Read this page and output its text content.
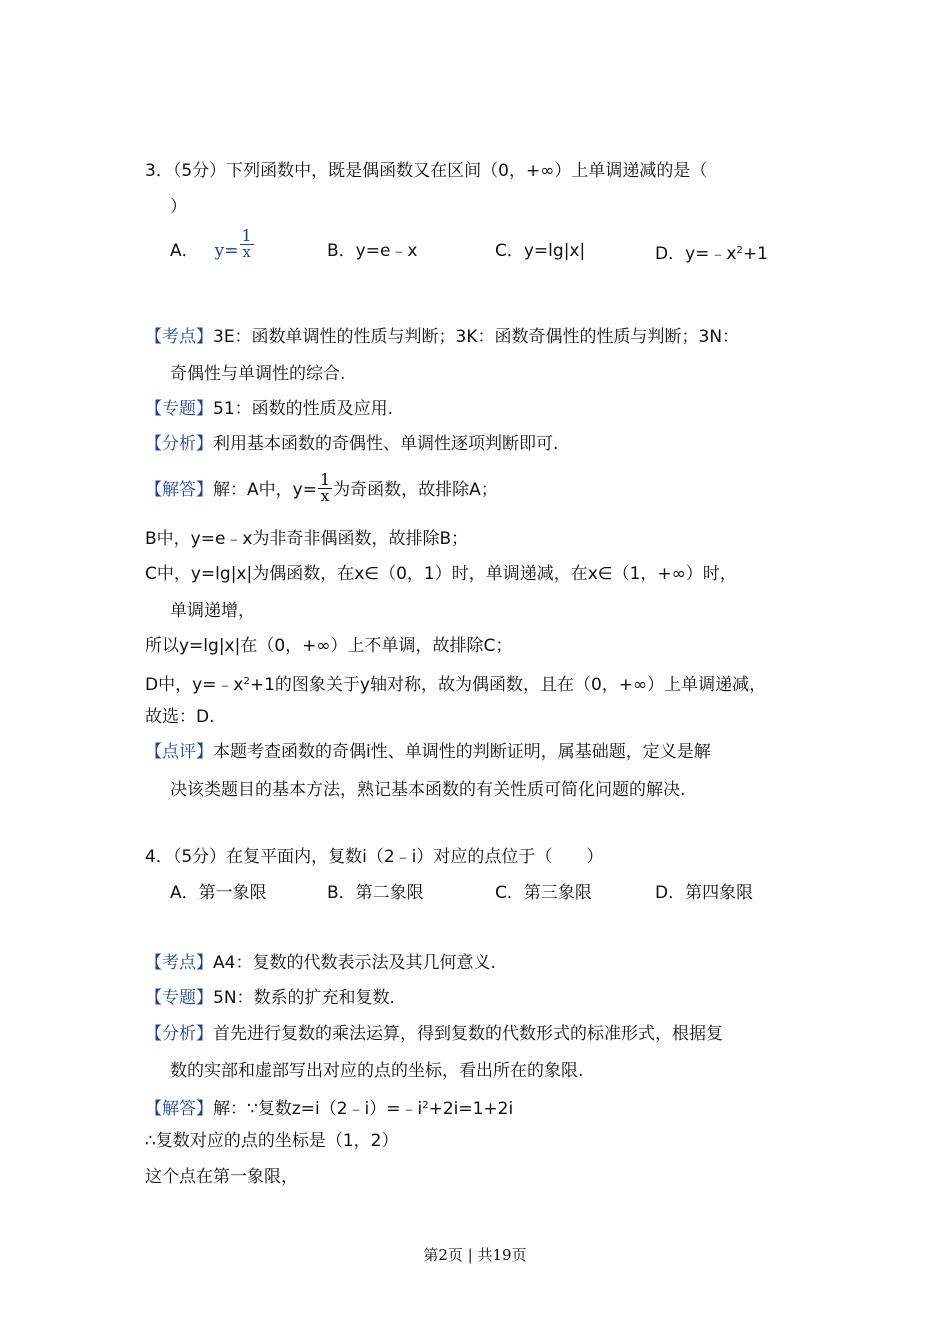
3．（5分）下列函数中，既是偶函数又在区间（0，+∞）上单调递减的是（
）
A． $y= \frac{1}{x}$	B．y=e﹣x	C．y=lg|x|	D．$y=﹣x^2+1$
【考点】3E：函数单调性的性质与判断；3K：函数奇偶性的性质与判断；3N：
奇偶性与单调性的综合.
【专题】51：函数的性质及应用.
【分析】利用基本函数的奇偶性、单调性逐项判断即可.
【解答】解：A中，$y= \frac{1}{x}$ 为奇函数，故排除A；
B中，y=e﹣x为非奇非偶函数，故排除B；
C中，y=lg|x|为偶函数，在x∈（0，1）时，单调递减，在x∈（1，+∞）时，
单调递增，
所以y=lg|x|在（0，+∞）上不单调，故排除C；
D中，$y=﹣x^2+1$的图象关于y轴对称，故为偶函数，且在（0，+∞）上单调递减，
故选：D.
【点评】本题考查函数的奇偶i性、单调性的判断证明，属基础题，定义是解
决该类题目的基本方法，熟记基本函数的有关性质可简化问题的解决.
4．（5分）在复平面内，复数i（2﹣i）对应的点位于（　　）
A．第一象限	B．第二象限	C．第三象限	D．第四象限
【考点】A4：复数的代数表示法及其几何意义.
【专题】5N：数系的扩充和复数.
【分析】首先进行复数的乘法运算，得到复数的代数形式的标准形式，根据复
数的实部和虚部写出对应的点的坐标，看出所在的象限.
【解答】解：∵复数$z=i(2﹣i)=﹣i^2+2i=1+2i$
∴复数对应的点的坐标是（1，2）
这个点在第一象限，
第2页 | 共19页
